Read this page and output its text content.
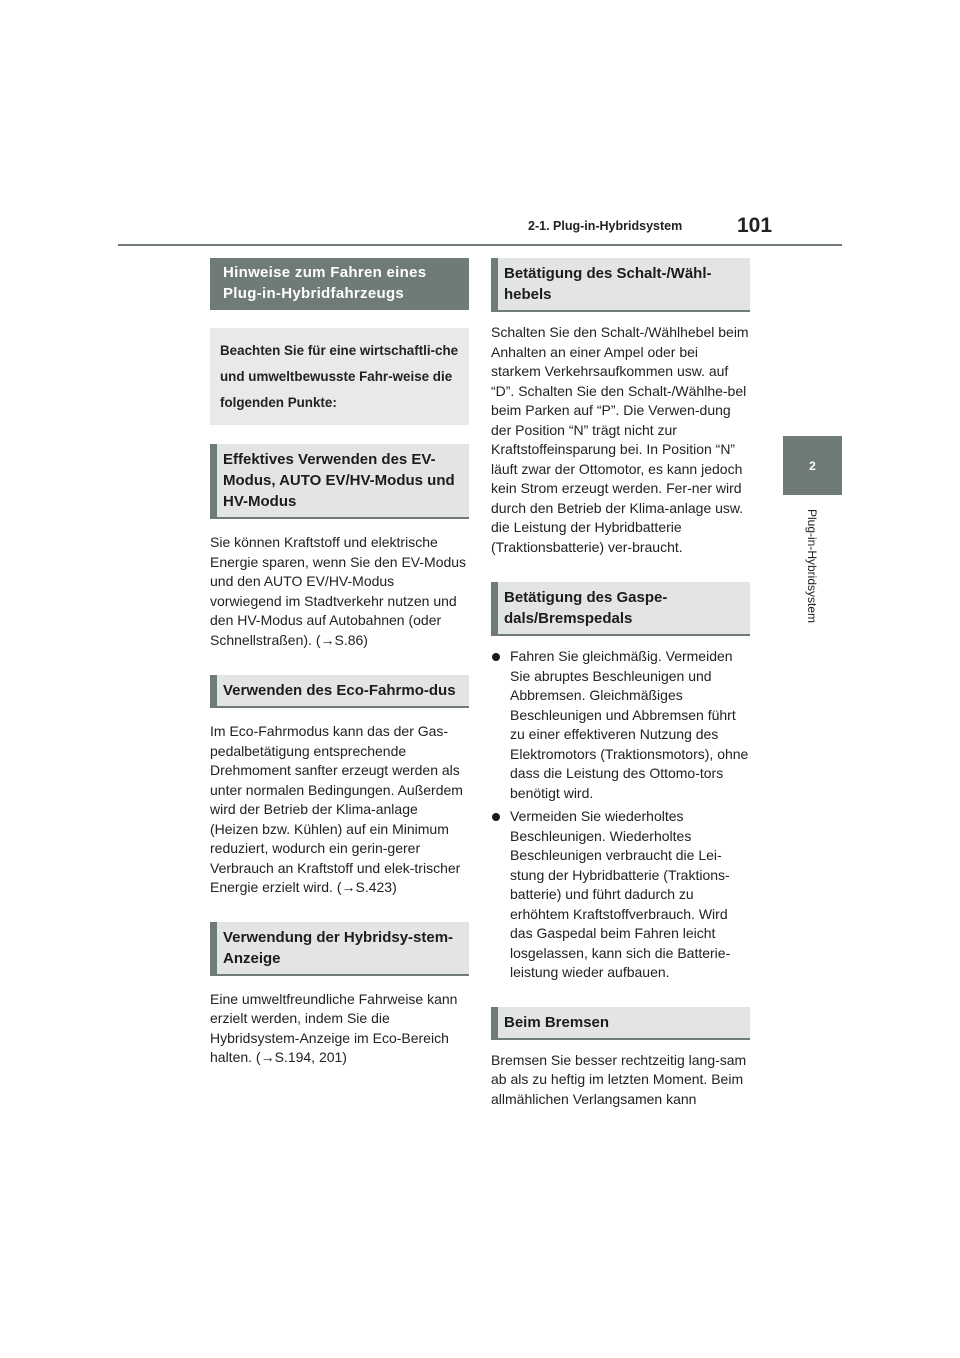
2-1. Plug-in-Hybridsystem	101
2
Plug-in-Hybridsystem
Hinweise zum Fahren eines Plug-in-Hybridfahrzeugs
Beachten Sie für eine wirtschaftli-che und umweltbewusste Fahr-weise die folgenden Punkte:
Effektives Verwenden des EV-Modus, AUTO EV/HV-Modus und HV-Modus

Sie können Kraftstoff und elektrische Energie sparen, wenn Sie den EV-Modus und den AUTO EV/HV-Modus vorwiegend im Stadtverkehr nutzen und den HV-Modus auf Autobahnen (oder Schnellstraßen). (→S.86)

Verwenden des Eco-Fahrmo-dus

Im Eco-Fahrmodus kann das der Gas-pedalbetätigung entsprechende Drehmoment sanfter erzeugt werden als unter normalen Bedingungen. Außerdem wird der Betrieb der Klima-anlage (Heizen bzw. Kühlen) auf ein Minimum reduziert, wodurch ein gerin-gerer Verbrauch an Kraftstoff und elek-trischer Energie erzielt wird. (→S.423)

Verwendung der Hybridsy-stem-Anzeige

Eine umweltfreundliche Fahrweise kann erzielt werden, indem Sie die Hybridsystem-Anzeige im Eco-Bereich halten. (→S.194, 201)

Betätigung des Schalt-/Wähl-hebels

Schalten Sie den Schalt-/Wählhebel beim Anhalten an einer Ampel oder bei starkem Verkehrsaufkommen usw. auf “D”. Schalten Sie den Schalt-/Wählhe-bel beim Parken auf “P”. Die Verwen-dung der Position “N” trägt nicht zur Kraftstoffeinsparung bei. In Position “N” läuft zwar der Ottomotor, es kann jedoch kein Strom erzeugt werden. Fer-ner wird durch den Betrieb der Klima-anlage usw. die Leistung der Hybridbatterie (Traktionsbatterie) ver-braucht.

Betätigung des Gaspe-dals/Bremspedals
Fahren Sie gleichmäßig. Vermeiden Sie abruptes Beschleunigen und Abbremsen. Gleichmäßiges Beschleunigen und Abbremsen führt zu einer effektiveren Nutzung des Elektromotors (Traktionsmotors), ohne dass die Leistung des Ottomo-tors benötigt wird.
Vermeiden Sie wiederholtes Beschleunigen. Wiederholtes Beschleunigen verbraucht die Lei-stung der Hybridbatterie (Traktions-batterie) und führt dadurch zu erhöhtem Kraftstoffverbrauch. Wird das Gaspedal beim Fahren leicht losgelassen, kann sich die Batterie-leistung wieder aufbauen.
Beim Bremsen

Bremsen Sie besser rechtzeitig lang-sam ab als zu heftig im letzten Moment. Beim allmählichen Verlangsamen kann
